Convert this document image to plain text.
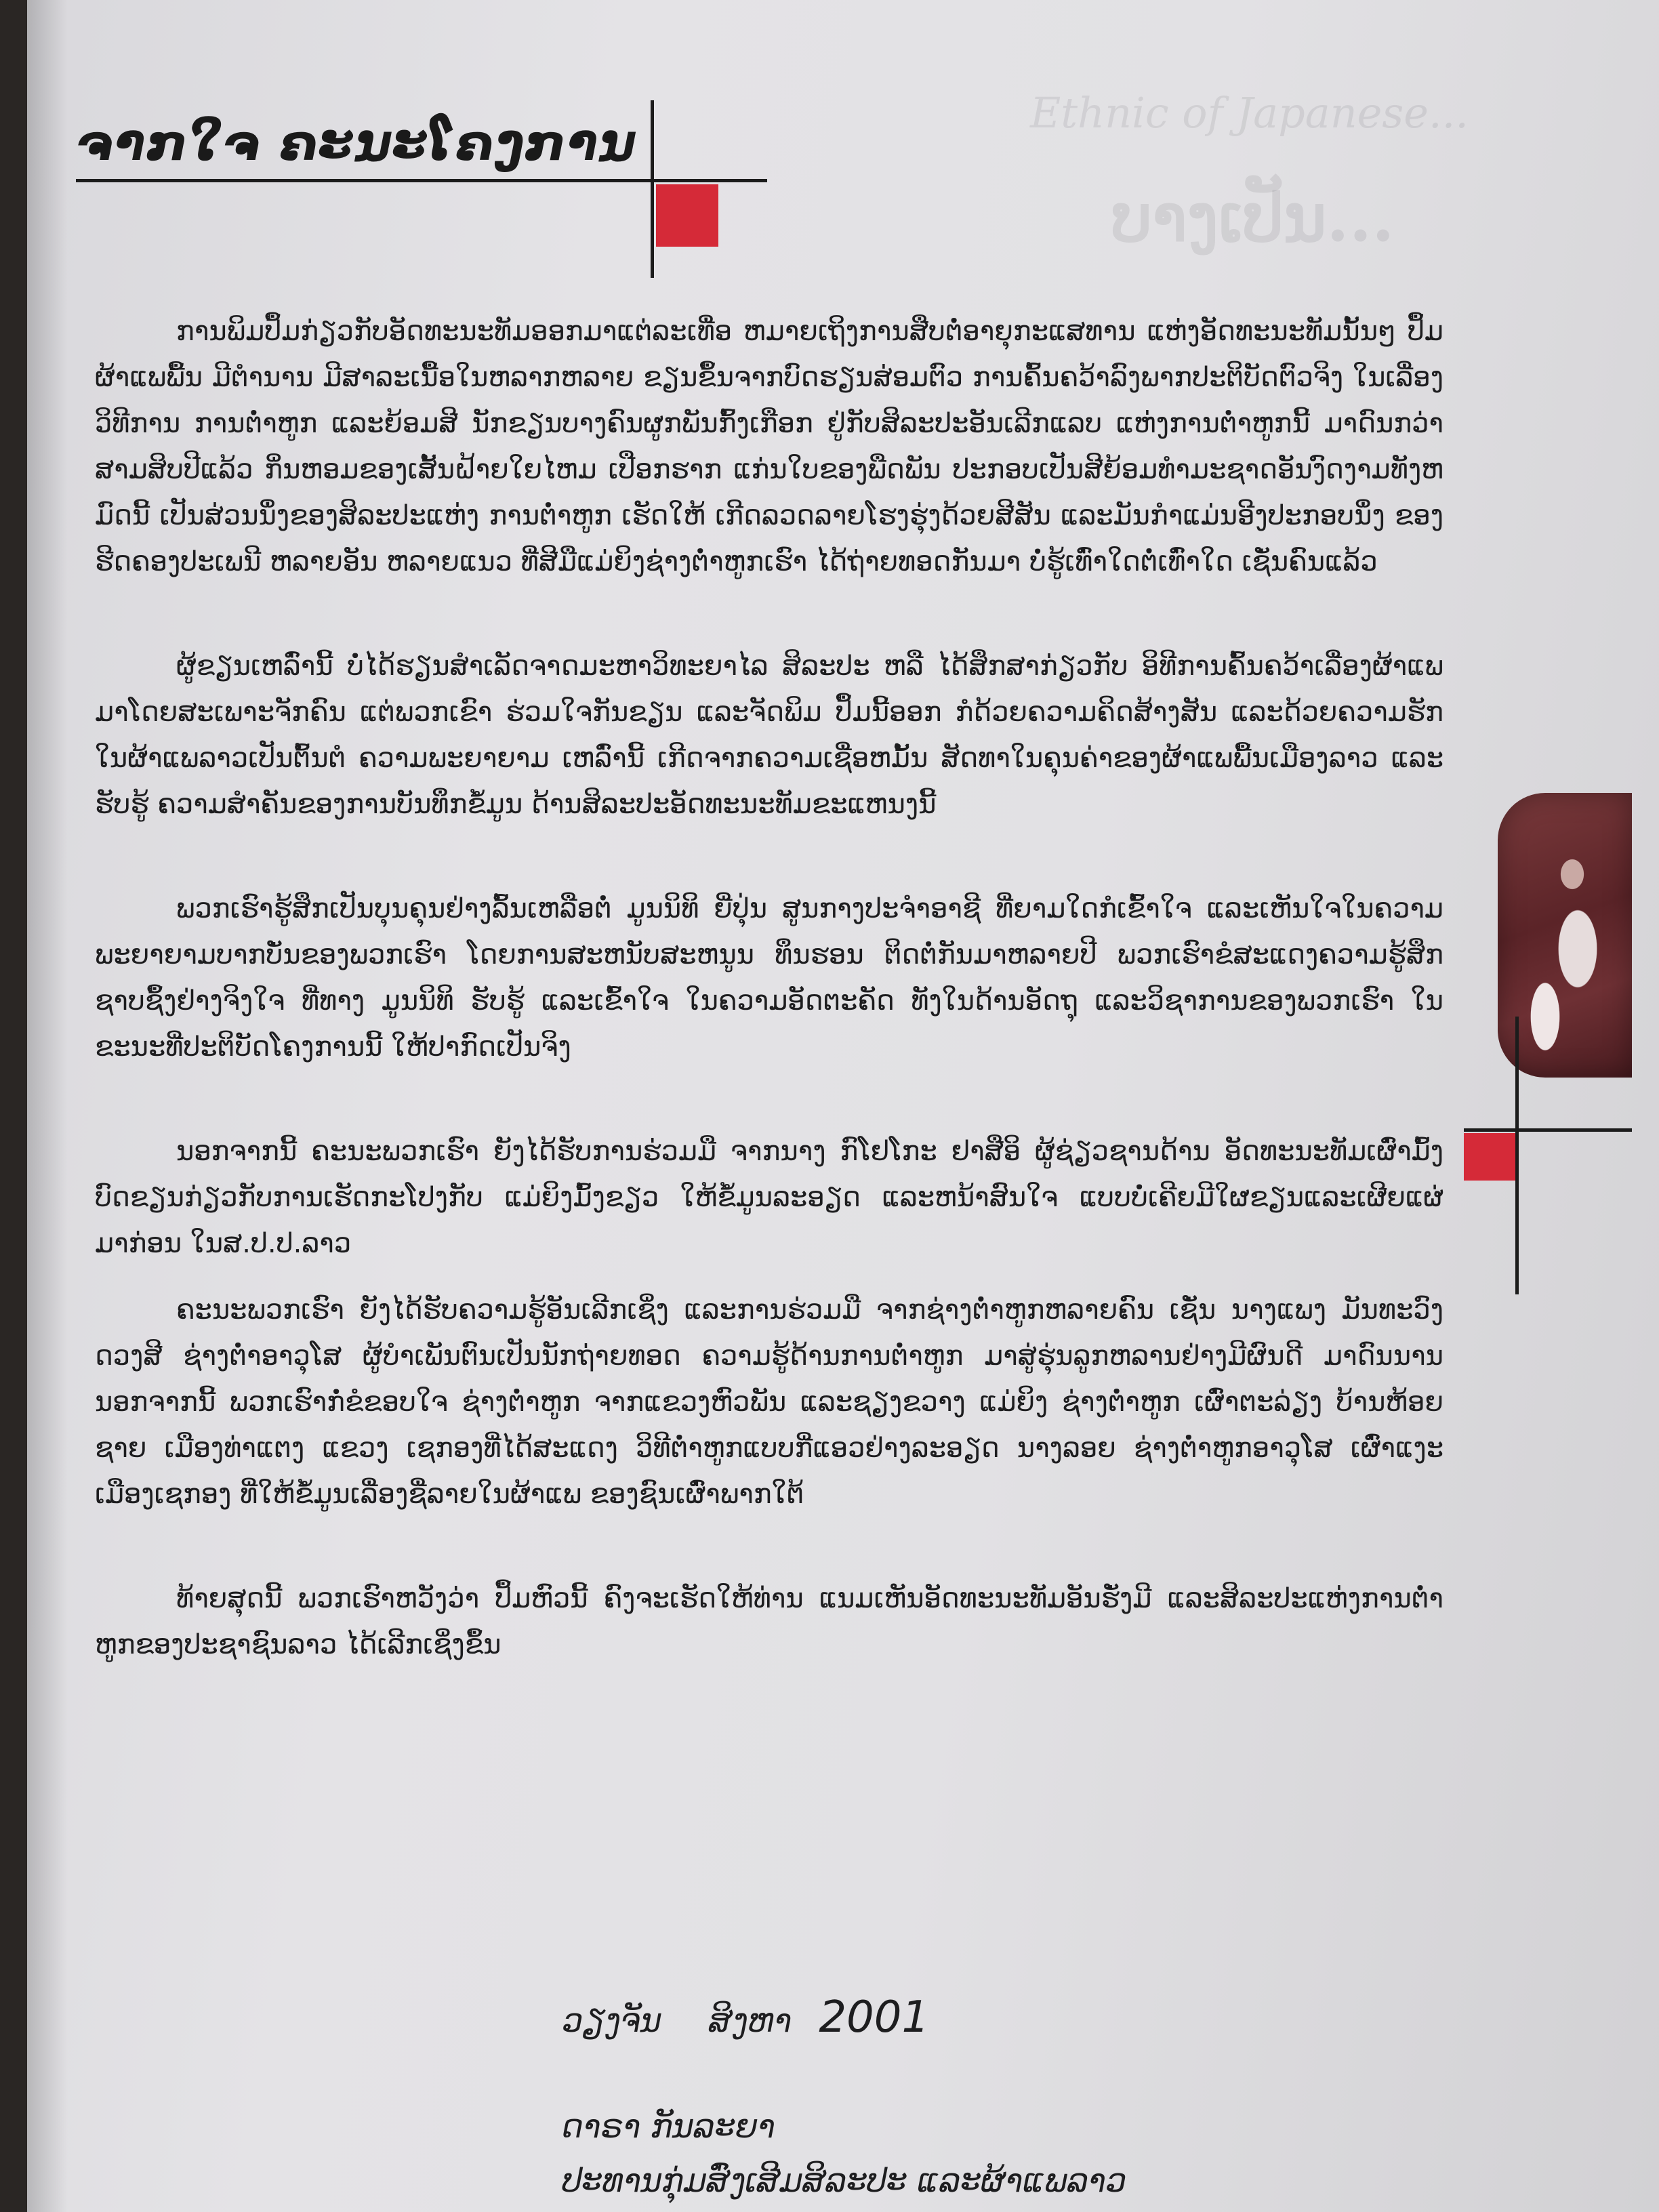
Ethnic of Japanese...
ບາງເປັນ...
ຈາກໃຈ ຄະນະໂຄງການ

ການພິມປຶ້ມກ່ຽວກັບອັດທະນະທັມອອກມາແຕ່ລະເທື່ອ ຫມາຍເຖິງການສືບຕໍ່ອາຍຸກະແສທານ ແຫ່ງອັດທະນະທັມນັ້ນໆ ປຶ້ມ ຜ້າແພພື້ນ ມີຕຳນານ ມີສາລະເນື້ອໃນຫລາກຫລາຍ ຂຽນຂຶ້ນຈາກບົດຮຽນສ່ອມຕົວ ການຄົ້ນຄວ້າລົງພາກປະຕິບັດຕົວຈິງ ໃນເລື່ອງວິທີການ ການຕ່ຳຫູກ ແລະຍ້ອມສີ ນັກຂຽນບາງຄົນຜູກພັນກົ້ງເກືອກ ຢູ່ກັບສິລະປະອັນເລີກແລບ ແຫ່ງການຕ່ຳຫູກນີ້ ມາດົນກວ່າສາມສິບປີແລ້ວ ກິ່ນຫອມຂອງເສັ້ນຝ້າຍໃຍໄຫມ ເປືອກຮາກ ແກ່ນໃບຂອງພືດພັນ ປະກອບເປັນສີຍ້ອມທຳມະຊາດອັນງົດງາມທັງຫມົດນີ້ ເປັນສ່ວນນຶ່ງຂອງສິລະປະແຫ່ງ ການຕ່ຳຫູກ ເຮັດໃຫ້ ເກີດລວດລາຍໂຮງຮຸ່ງດ້ວຍສີສັນ ແລະມັນກຳແມ່ນອີງປະກອບນຶ່ງ ຂອງຮີດຄອງປະເພນີ ຫລາຍອັນ ຫລາຍແນວ ທີ່ສີມືແມ່ຍິງຊ່າງຕ່ຳຫູກເຮົາ ໄດ້ຖ່າຍທອດກັນມາ ບໍ່ຮູ້ເທົ່າໃດຕໍ່ເທົ່າໃດ ເຊັ່ນຄົນແລ້ວ

ຜູ້ຂຽນເຫລົ່ານີ້ ບໍ່ໄດ້ຮຽນສຳເລັດຈາດມະຫາວິທະຍາໄລ ສິລະປະ ຫລື ໄດ້ສຶກສາກ່ຽວກັບ ອິທີການຄົ້ນຄວ້າເລື່ອງຜ້າແພມາໂດຍສະເພາະຈັກຄົນ ແຕ່ພວກເຂົາ ຮ່ວມໃຈກັນຂຽນ ແລະຈັດພິມ ປຶ້ມນີ້ອອກ ກໍດ້ວຍຄວາມຄິດສ້າງສັນ ແລະດ້ວຍຄວາມຮັກໃນຜ້າແພລາວເປັນຕົ້ນຕໍ ຄວາມພະຍາຍາມ ເຫລົ່ານີ້ ເກີດຈາກຄວາມເຊື່ອຫມັ້ນ ສັດທາໃນຄຸນຄ່າຂອງຜ້າແພພື້ນເມືອງລາວ ແລະຮັບຮູ້ ຄວາມສຳຄັນຂອງການບັນທຶກຂໍ້ມູນ ດ້ານສິລະປະອັດທະນະທັມຂະແຫນງນີ້

ພວກເຮົາຮູ້ສຶກເປັນບຸນຄຸນຢ່າງລົ້ນເຫລືອຕໍ່ ມູນນິທິ ຍີ່ປຸ່ນ ສູນກາງປະຈຳອາຊີ ທີ່ຍາມໃດກໍເຂົ້າໃຈ ແລະເຫັນໃຈໃນຄວາມພະຍາຍາມບາກບັ່ນຂອງພວກເຮົາ ໂດຍການສະຫນັບສະຫນູນ ທຶນຮອນ ຕິດຕໍ່ກັນມາຫລາຍປີ ພວກເຮົາຂໍສະແດງຄວາມຮູ້ສຶກຊາບຊຶ້ງຢ່າງຈິງໃຈ ທີ່ທາງ ມູນນິທິ ຮັບຮູ້ ແລະເຂົ້າໃຈ ໃນຄວາມອັດຕະຄັດ ທັງໃນດ້ານອັດຖຸ ແລະວິຊາການຂອງພວກເຮົາ ໃນຂະນະທີ່ປະຕິບັດໂຄງການນີ້ ໃຫ້ປາກົດເປັນຈິງ

ນອກຈາກນີ້ ຄະນະພວກເຮົາ ຍັງໄດ້ຮັບການຮ່ວມມື ຈາກນາງ ກົໂຢໂກະ ຢາສືອິ ຜູ້ຊ່ຽວຊານດ້ານ ອັດທະນະທັມເຜົ່າມົ້ງ ບົດຂຽນກ່ຽວກັບການເຮັດກະໂປງກັບ ແມ່ຍິງມົ້ງຂຽວ ໃຫ້ຂໍ້ມູນລະອຽດ ແລະຫນ້າສົນໃຈ ແບບບໍ່ເຄີຍມີໃຜຂຽນແລະເຜີຍແຜ່ມາກ່ອນ ໃນສ.ປ.ປ.ລາວ

ຄະນະພວກເຮົາ ຍັງໄດ້ຮັບຄວາມຮູ້ອັນເລີກເຊິ່ງ ແລະການຮ່ວມມື ຈາກຊ່າງຕ່ຳຫູກຫລາຍຄົນ ເຊັ່ນ ນາງແພງ ມັນທະວົງດວງສີ ຊ່າງຕ່ຳອາວຸໂສ ຜູ້ບໍາເພັນຕົນເປັນນັກຖ່າຍທອດ ຄວາມຮູ້ດ້ານການຕ່ຳຫູກ ມາສູ່ຮຸ່ນລູກຫລານຢ່າງມີຜົນດີ ມາດົນນານ ນອກຈາກນີ້ ພວກເຮົາກໍ່ຂໍຂອບໃຈ ຊ່າງຕ່ຳຫູກ ຈາກແຂວງຫົວພັນ ແລະຊຽງຂວາງ ແມ່ຍິງ ຊ່າງຕ່ຳຫູກ ເຜົ່າຕະລ່ຽງ ບ້ານຫ້ອຍຊາຍ ເມືອງທ່າແຕງ ແຂວງ ເຊກອງທີ່ໄດ້ສະແດງ ວິທີຕ່ຳຫູກແບບກີ່ແອວຢ່າງລະອຽດ ນາງລອຍ ຊ່າງຕ່ຳຫູກອາວຸໂສ ເຜົ່າແງະ ເມືອງເຊກອງ ທີ່ໃຫ້ຂໍ້ມູນເລື່ອງຊື່ລາຍໃນຜ້າແພ ຂອງຊົນເຜົ່າພາກໃຕ້

ທ້າຍສຸດນີ້ ພວກເຮົາຫວັງວ່າ ປຶ້ມຫົວນີ້ ຄົງຈະເຮັດໃຫ້ທ່ານ ແນມເຫັນອັດທະນະທັມອັນຮັ່ງມີ ແລະສິລະປະແຫ່ງການຕ່ຳຫູກຂອງປະຊາຊົນລາວ ໄດ້ເລີກເຊິ່ງຂຶ້ນ

ວຽງຈັນ ສິງຫາ 2001
ດາຣາ ກັນລະຍາ
ປະທານກຸ່ມສົ່ງເສີມສິລະປະ ແລະຜ້າແພລາວ
